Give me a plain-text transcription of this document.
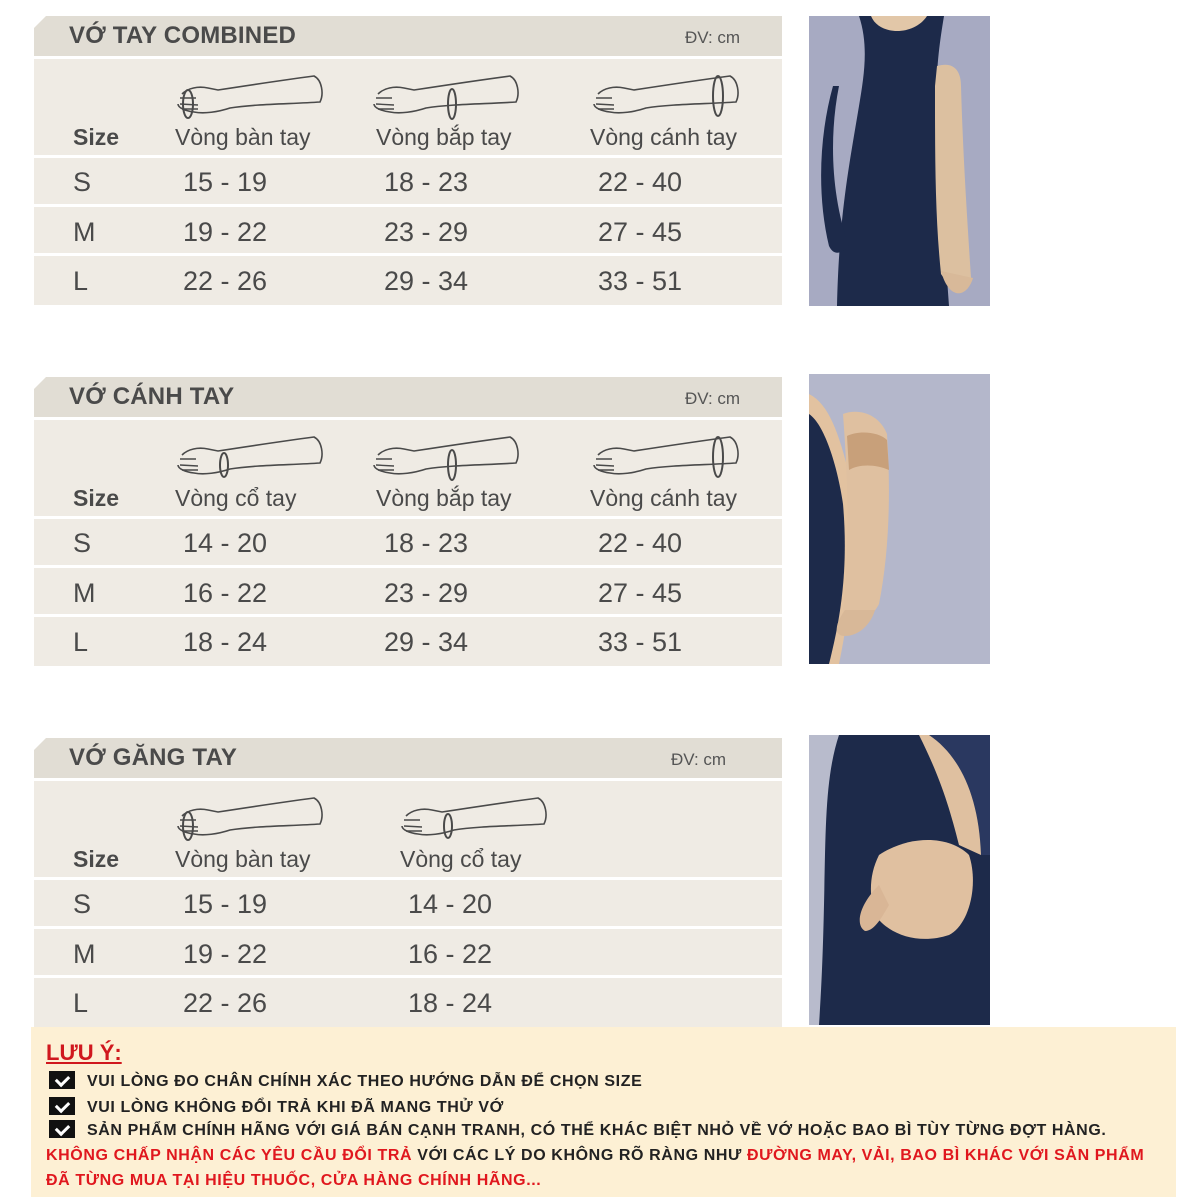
VỚ TAY COMBINED	ĐV: cm
Size Vòng bàn tay	Vòng bắp tay	Vòng cánh tay
S	15 - 19	18 - 23	22 - 40
M	19 - 22	23 - 29	27 - 45
L	22 - 26	29 - 34	33 - 51
VỚ CÁNH TAY	ĐV: cm
Size Vòng cổ tay	Vòng bắp tay	Vòng cánh tay
S	14 - 20	18 - 23	22 - 40
M	16 - 22	23 - 29	27 - 45
L	18 - 24	29 - 34	33 - 51
VỚ GĂNG TAY	ĐV: cm
Size Vòng bàn tay	Vòng cổ tay
S	15 - 19	14 - 20
M	19 - 22	16 - 22
L	22 - 26	18 - 24
LƯU Ý:
VUI LÒNG ĐO CHÂN CHÍNH XÁC THEO HƯỚNG DẪN ĐỂ CHỌN SIZE
VUI LÒNG KHÔNG ĐỔI TRẢ KHI ĐÃ MANG THỬ VỚ
SẢN PHẨM CHÍNH HÃNG VỚI GIÁ BÁN CẠNH TRANH, CÓ THỂ KHÁC BIỆT NHỎ VỀ VỚ HOẶC BAO BÌ TÙY TỪNG ĐỢT HÀNG. KHÔNG CHẤP NHẬN CÁC YÊU CẦU ĐỔI TRẢ VỚI CÁC LÝ DO KHÔNG RÕ RÀNG NHƯ ĐƯỜNG MAY, VẢI, BAO BÌ KHÁC VỚI SẢN PHẨM ĐÃ TỪNG MUA TẠI HIỆU THUỐC, CỬA HÀNG CHÍNH HÃNG...
